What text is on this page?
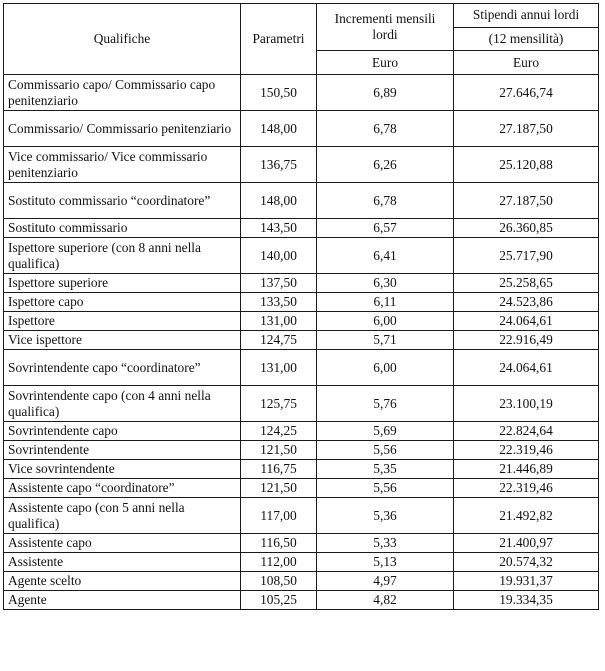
Qualifiche	Parametri	Incrementi mensili lordi	Stipendi annui lordi
			(12 mensilità)
		Euro	Euro
Commissario capo/ Commissario capo penitenziario	150,50	6,89	27.646,74
Commissario/ Commissario penitenziario	148,00	6,78	27.187,50
Vice commissario/ Vice commissario penitenziario	136,75	6,26	25.120,88
Sostituto commissario “coordinatore”	148,00	6,78	27.187,50
Sostituto commissario	143,50	6,57	26.360,85
Ispettore superiore (con 8 anni nella qualifica)	140,00	6,41	25.717,90
Ispettore superiore	137,50	6,30	25.258,65
Ispettore capo	133,50	6,11	24.523,86
Ispettore	131,00	6,00	24.064,61
Vice ispettore	124,75	5,71	22.916,49
Sovrintendente capo “coordinatore”	131,00	6,00	24.064,61
Sovrintendente capo (con 4 anni nella qualifica)	125,75	5,76	23.100,19
Sovrintendente capo	124,25	5,69	22.824,64
Sovrintendente	121,50	5,56	22.319,46
Vice sovrintendente	116,75	5,35	21.446,89
Assistente capo “coordinatore”	121,50	5,56	22.319,46
Assistente capo (con 5 anni nella qualifica)	117,00	5,36	21.492,82
Assistente capo	116,50	5,33	21.400,97
Assistente	112,00	5,13	20.574,32
Agente scelto	108,50	4,97	19.931,37
Agente	105,25	4,82	19.334,35
